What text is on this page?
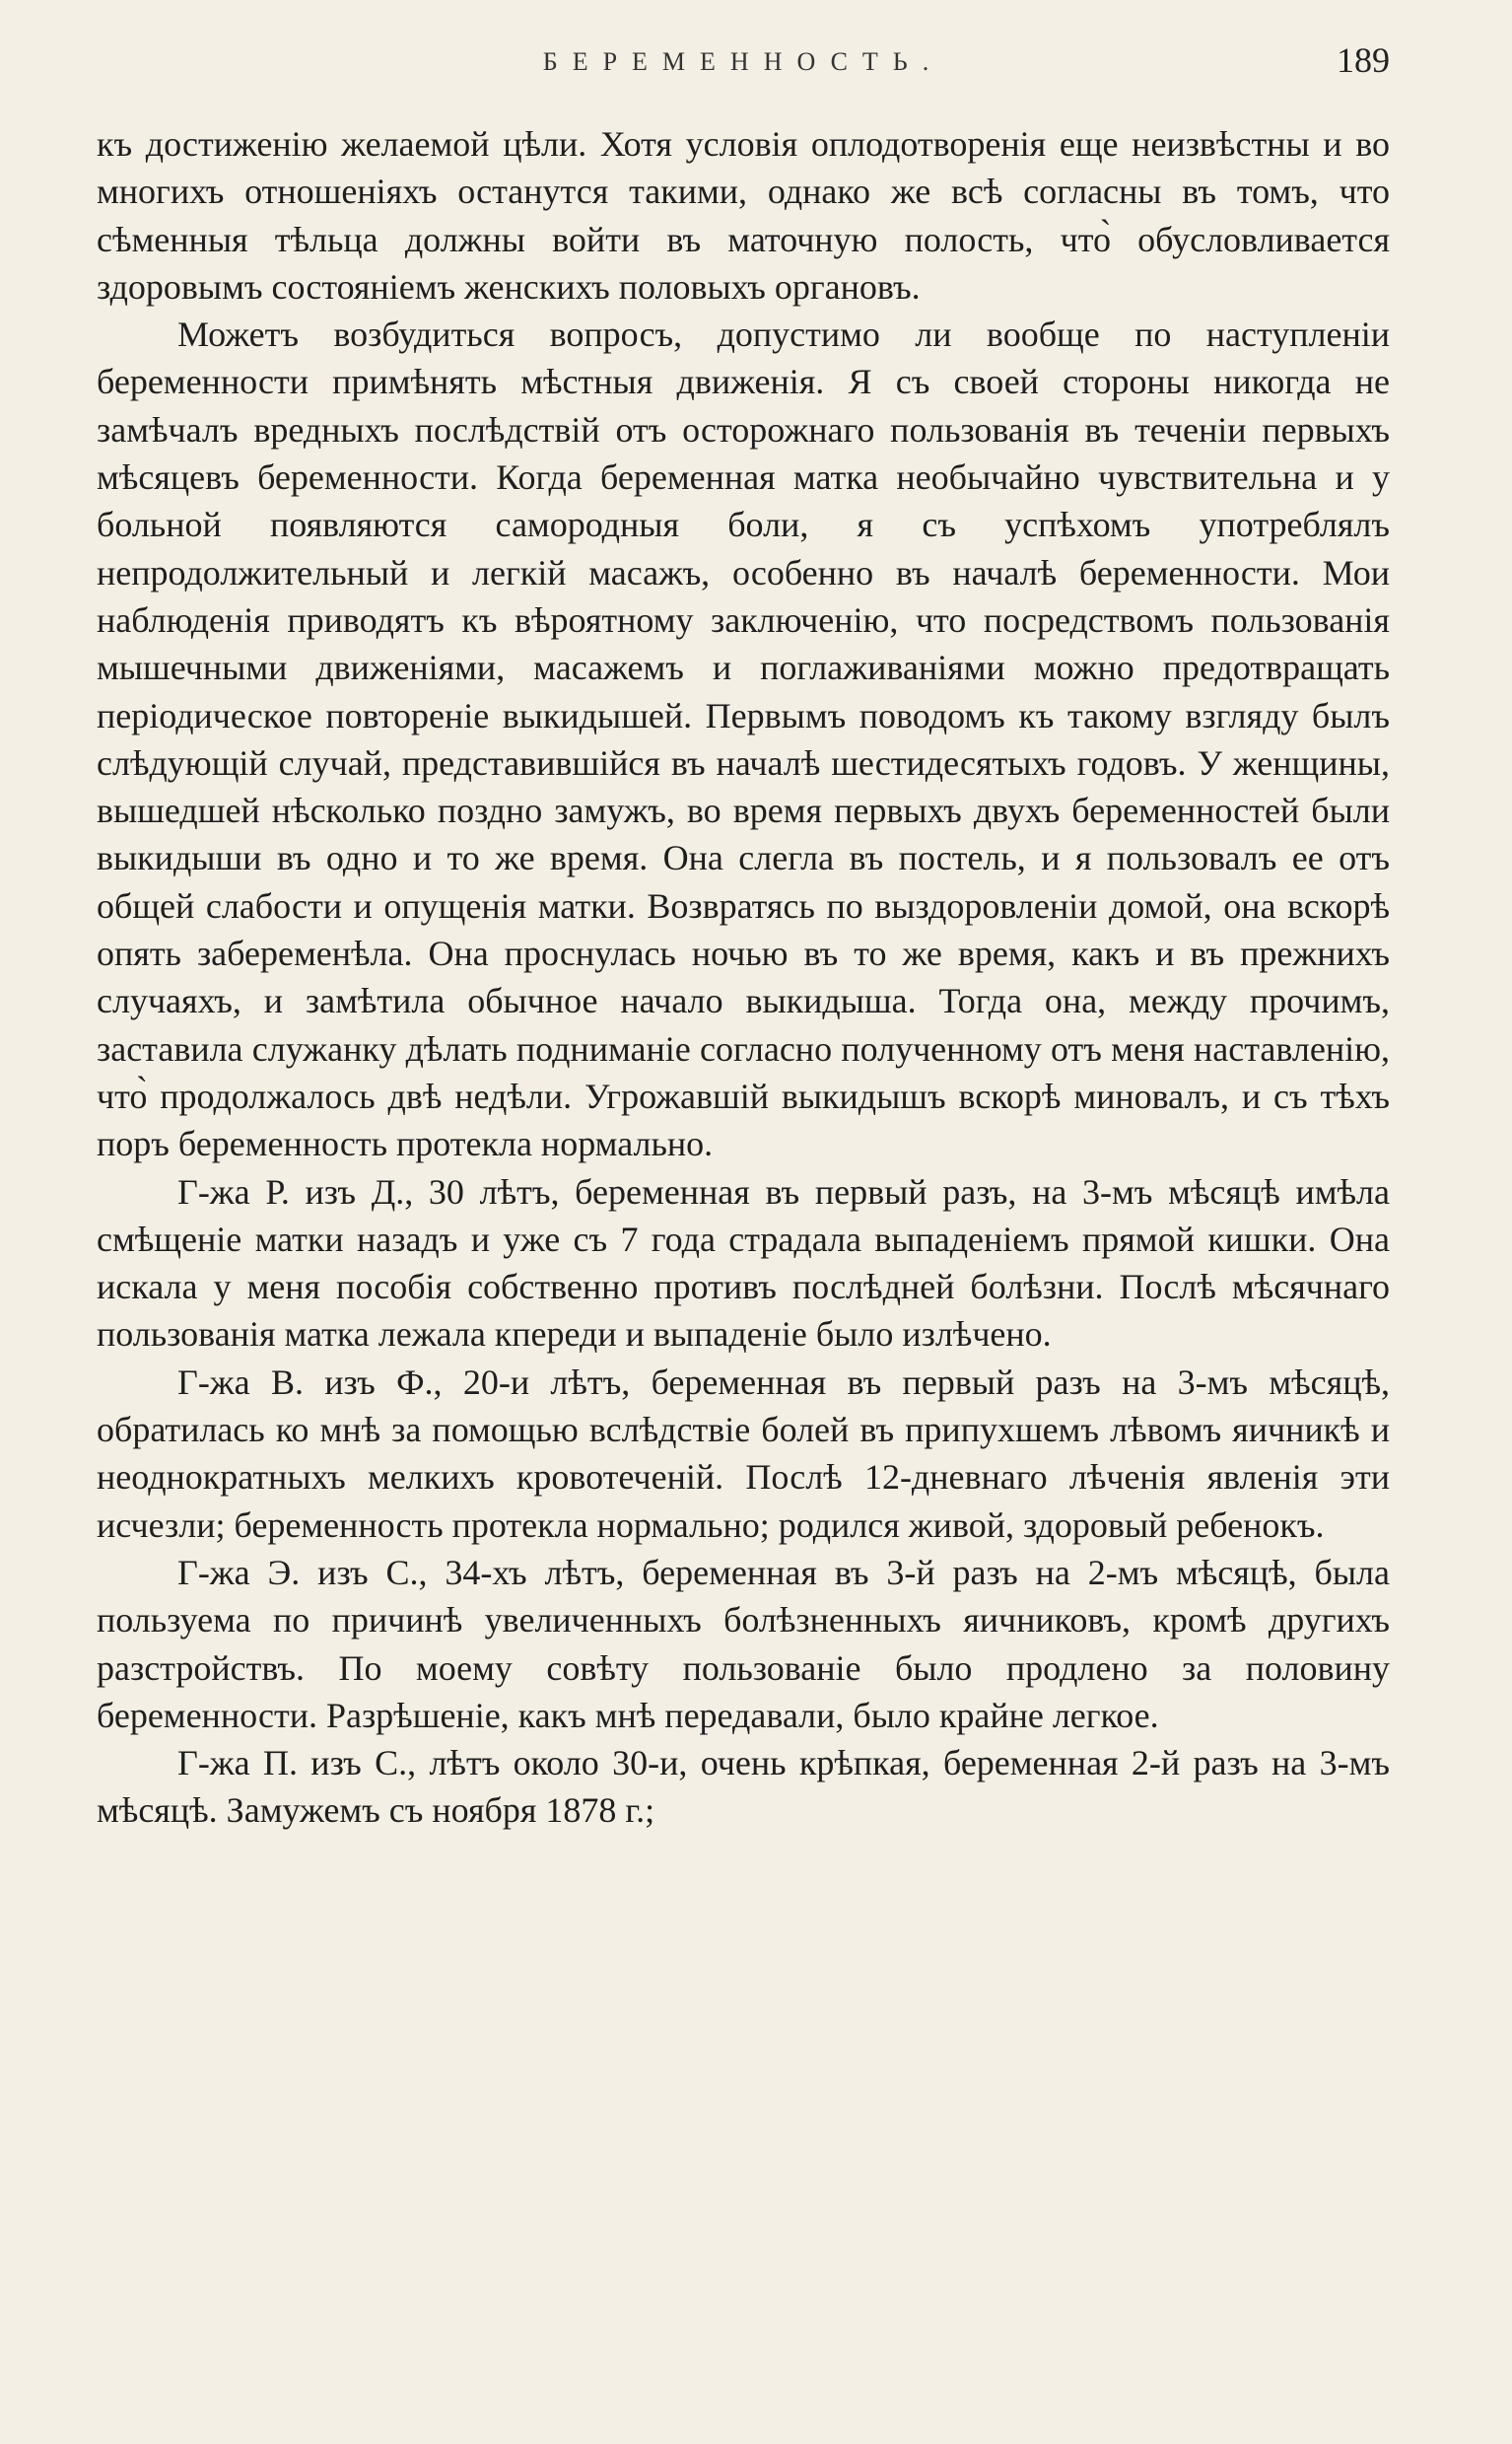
БЕРЕМЕННОСТЬ.	189

къ достиженію желаемой цѣли. Хотя условія оплодотворенія еще неизвѣстны и во многихъ отношеніяхъ останутся такими, однако же всѣ согласны въ томъ, что сѣменныя тѣльца должны войти въ маточную полость, что̀ обусловливается здоровымъ состояніемъ женскихъ половыхъ органовъ.

Можетъ возбудиться вопросъ, допустимо ли вообще по наступленіи беременности примѣнять мѣстныя движенія. Я съ своей стороны никогда не замѣчалъ вредныхъ послѣдствій отъ осторожнаго пользованія въ теченіи первыхъ мѣсяцевъ беременности. Когда беременная матка необычайно чувствительна и у больной появляются самородныя боли, я съ успѣхомъ употреблялъ непродолжительный и легкій масажъ, особенно въ началѣ беременности. Мои наблюденія приводятъ къ вѣроятному заключенію, что посредствомъ пользованія мышечными движеніями, масажемъ и поглаживаніями можно предотвращать періодическое повтореніе выкидышей. Первымъ поводомъ къ такому взгляду былъ слѣдующій случай, представившійся въ началѣ шестидесятыхъ годовъ. У женщины, вышедшей нѣсколько поздно замужъ, во время первыхъ двухъ беременностей были выкидыши въ одно и то же время. Она слегла въ постель, и я пользовалъ ее отъ общей слабости и опущенія матки. Возвратясь по выздоровленіи домой, она вскорѣ опять забеременѣла. Она проснулась ночью въ то же время, какъ и въ прежнихъ случаяхъ, и замѣтила обычное начало выкидыша. Тогда она, между прочимъ, заставила служанку дѣлать подниманіе согласно полученному отъ меня наставленію, что̀ продолжалось двѣ недѣли. Угрожавшій выкидышъ вскорѣ миновалъ, и съ тѣхъ поръ беременность протекла нормально.

Г-жа Р. изъ Д., 30 лѣтъ, беременная въ первый разъ, на 3-мъ мѣсяцѣ имѣла смѣщеніе матки назадъ и уже съ 7 года страдала выпаденіемъ прямой кишки. Она искала у меня пособія собственно противъ послѣдней болѣзни. Послѣ мѣсячнаго пользованія матка лежала кпереди и выпаденіе было излѣчено.

Г-жа В. изъ Ф., 20-и лѣтъ, беременная въ первый разъ на 3-мъ мѣсяцѣ, обратилась ко мнѣ за помощью вслѣдствіе болей въ припухшемъ лѣвомъ яичникѣ и неоднократныхъ мелкихъ кровотеченій. Послѣ 12-дневнаго лѣченія явленія эти исчезли; беременность протекла нормально; родился живой, здоровый ребенокъ.

Г-жа Э. изъ С., 34-хъ лѣтъ, беременная въ 3-й разъ на 2-мъ мѣсяцѣ, была пользуема по причинѣ увеличенныхъ болѣзненныхъ яичниковъ, кромѣ другихъ разстройствъ. По моему совѣту пользованіе было продлено за половину беременности. Разрѣшеніе, какъ мнѣ передавали, было крайне легкое.

Г-жа П. изъ С., лѣтъ около 30-и, очень крѣпкая, беременная 2-й разъ на 3-мъ мѣсяцѣ. Замужемъ съ ноября 1878 г.;
